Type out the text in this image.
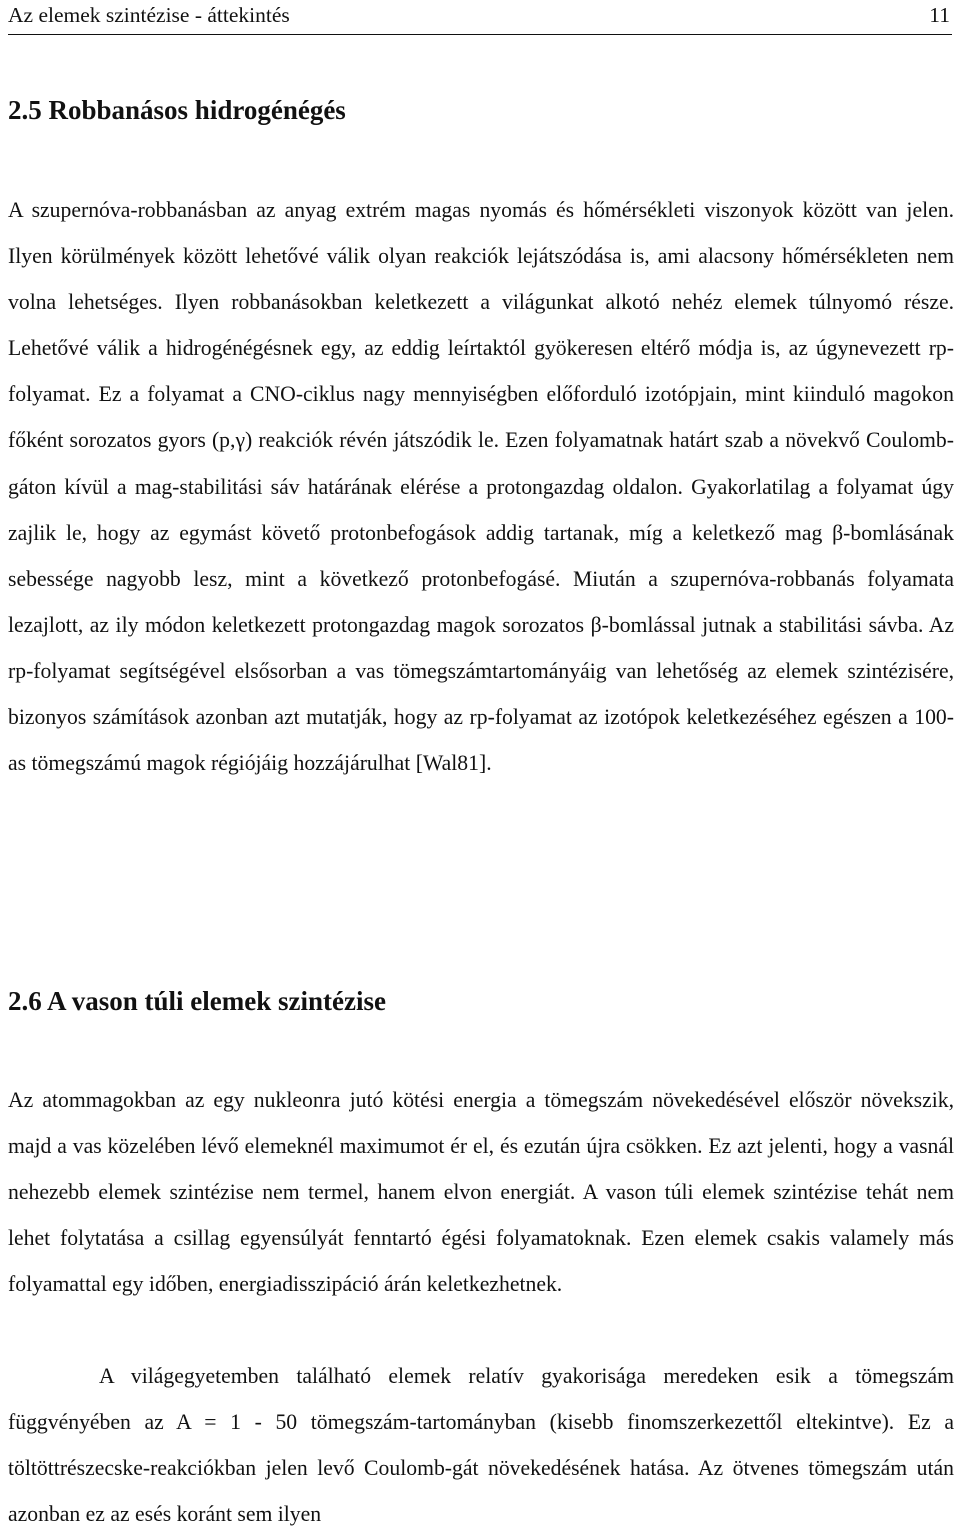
Az elemek szintézise - áttekintés	11
2.5 Robbanásos hidrogénégés

A szupernóva-robbanásban az anyag extrém magas nyomás és hőmérsékleti viszonyok között van jelen. Ilyen körülmények között lehetővé válik olyan reakciók lejátszódása is, ami alacsony hőmérsékleten nem volna lehetséges. Ilyen robbanásokban keletkezett a világunkat alkotó nehéz elemek túlnyomó része. Lehetővé válik a hidrogénégésnek egy, az eddig leírtaktól gyökeresen eltérő módja is, az úgynevezett rp-folyamat. Ez a folyamat a CNO-ciklus nagy mennyiségben előforduló izotópjain, mint kiinduló magokon főként sorozatos gyors (p,γ) reakciók révén játszódik le. Ezen folyamatnak határt szab a növekvő Coulomb-gáton kívül a mag-stabilitási sáv határának elérése a protongazdag oldalon. Gyakorlatilag a folyamat úgy zajlik le, hogy az egymást követő protonbefogások addig tartanak, míg a keletkező mag β-bomlásának sebessége nagyobb lesz, mint a következő protonbefogásé. Miután a szupernóva-robbanás folyamata lezajlott, az ily módon keletkezett protongazdag magok sorozatos β-bomlással jutnak a stabilitási sávba. Az rp-folyamat segítségével elsősorban a vas tömegszámtartományáig van lehetőség az elemek szintézisére, bizonyos számítások azonban azt mutatják, hogy az rp-folyamat az izotópok keletkezéséhez egészen a 100-as tömegszámú magok régiójáig hozzájárulhat [Wal81].

2.6 A vason túli elemek szintézise

Az atommagokban az egy nukleonra jutó kötési energia a tömegszám növekedésével először növekszik, majd a vas közelében lévő elemeknél maximumot ér el, és ezután újra csökken. Ez azt jelenti, hogy a vasnál nehezebb elemek szintézise nem termel, hanem elvon energiát. A vason túli elemek szintézise tehát nem lehet folytatása a csillag egyensúlyát fenntartó égési folyamatoknak. Ezen elemek csakis valamely más folyamattal egy időben, energiadisszipáció árán keletkezhetnek.

A világegyetemben található elemek relatív gyakorisága meredeken esik a tömegszám függvényében az A = 1 - 50 tömegszám-tartományban (kisebb finomszerkezettől eltekintve). Ez a töltöttrészecske-reakciókban jelen levő Coulomb-gát növekedésének hatása. Az ötvenes tömegszám után azonban ez az esés koránt sem ilyen
